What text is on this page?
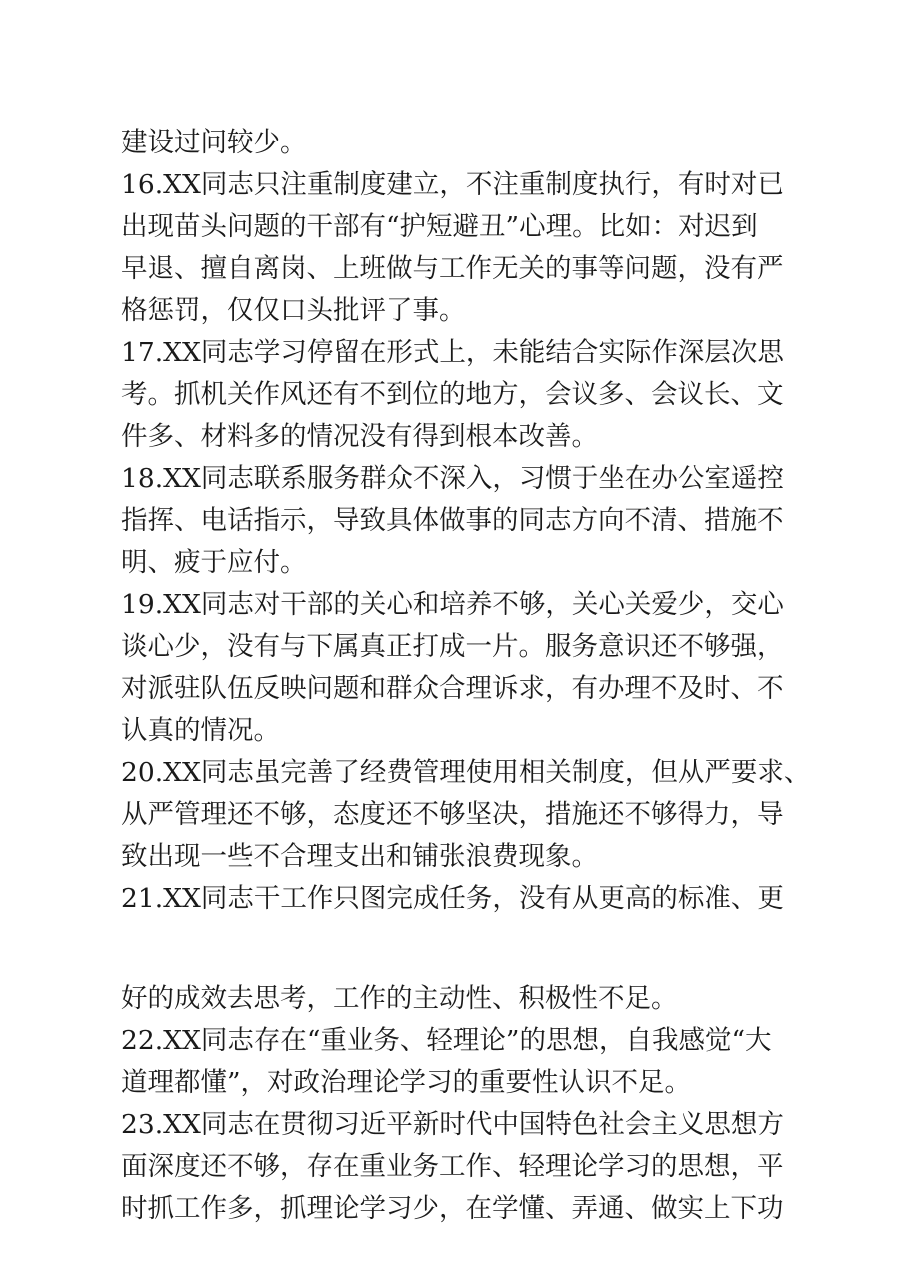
建设过问较少。
16.XX同志只注重制度建立，不注重制度执行，有时对已
出现苗头问题的干部有“护短避丑”心理。比如：对迟到
早退、擅自离岗、上班做与工作无关的事等问题，没有严
格惩罚，仅仅口头批评了事。
17.XX同志学习停留在形式上，未能结合实际作深层次思
考。抓机关作风还有不到位的地方，会议多、会议长、文
件多、材料多的情况没有得到根本改善。
18.XX同志联系服务群众不深入，习惯于坐在办公室遥控
指挥、电话指示，导致具体做事的同志方向不清、措施不
明、疲于应付。
19.XX同志对干部的关心和培养不够，关心关爱少，交心
谈心少，没有与下属真正打成一片。服务意识还不够强，
对派驻队伍反映问题和群众合理诉求，有办理不及时、不
认真的情况。
20.XX同志虽完善了经费管理使用相关制度，但从严要求、
从严管理还不够，态度还不够坚决，措施还不够得力，导
致出现一些不合理支出和铺张浪费现象。
21.XX同志干工作只图完成任务，没有从更高的标准、更
好的成效去思考，工作的主动性、积极性不足。
22.XX同志存在“重业务、轻理论”的思想，自我感觉“大
道理都懂”，对政治理论学习的重要性认识不足。
23.XX同志在贯彻习近平新时代中国特色社会主义思想方
面深度还不够，存在重业务工作、轻理论学习的思想，平
时抓工作多，抓理论学习少，在学懂、弄通、做实上下功
